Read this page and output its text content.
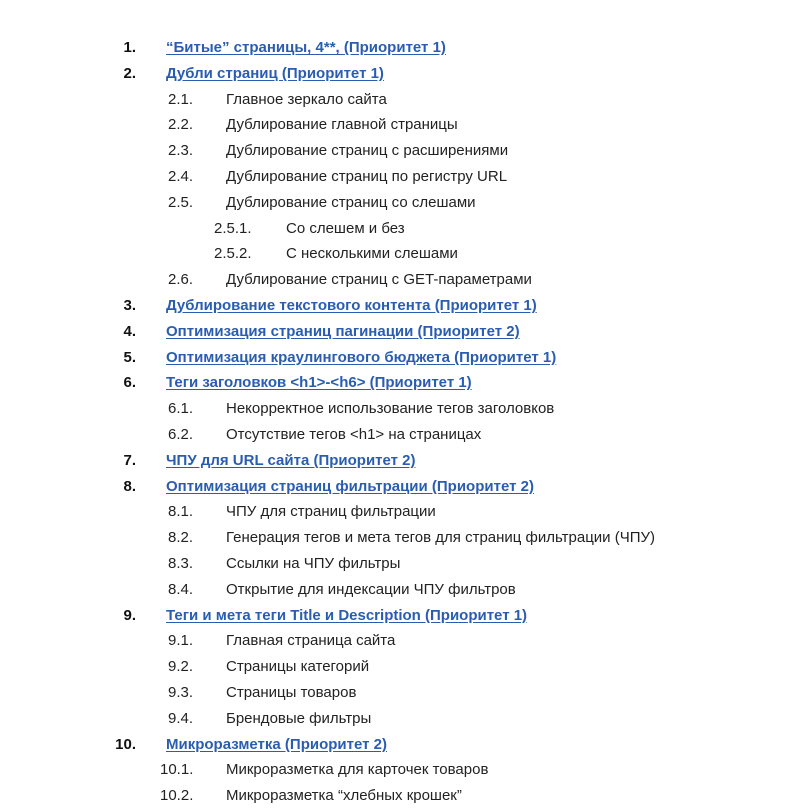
1. “Битые” страницы, 4**, (Приоритет 1)
2. Дубли страниц (Приоритет 1)
2.1. Главное зеркало сайта
2.2. Дублирование главной страницы
2.3. Дублирование страниц с расширениями
2.4. Дублирование страниц по регистру URL
2.5. Дублирование страниц со слешами
2.5.1. Со слешем и без
2.5.2. С несколькими слешами
2.6. Дублирование страниц с GET-параметрами
3. Дублирование текстового контента (Приоритет 1)
4. Оптимизация страниц пагинации (Приоритет 2)
5. Оптимизация краулингового бюджета (Приоритет 1)
6. Теги заголовков <h1>-<h6> (Приоритет 1)
6.1. Некорректное использование тегов заголовков
6.2. Отсутствие тегов <h1> на страницах
7. ЧПУ для URL сайта (Приоритет 2)
8. Оптимизация страниц фильтрации (Приоритет 2)
8.1. ЧПУ для страниц фильтрации
8.2. Генерация тегов и мета тегов для страниц фильтрации (ЧПУ)
8.3. Ссылки на ЧПУ фильтры
8.4. Открытие для индексации ЧПУ фильтров
9. Теги и мета теги Title и Description (Приоритет 1)
9.1. Главная страница сайта
9.2. Страницы категорий
9.3. Страницы товаров
9.4. Брендовые фильтры
10. Микроразметка (Приоритет 2)
10.1. Микроразметка для карточек товаров
10.2. Микроразметка “хлебных крошек”
